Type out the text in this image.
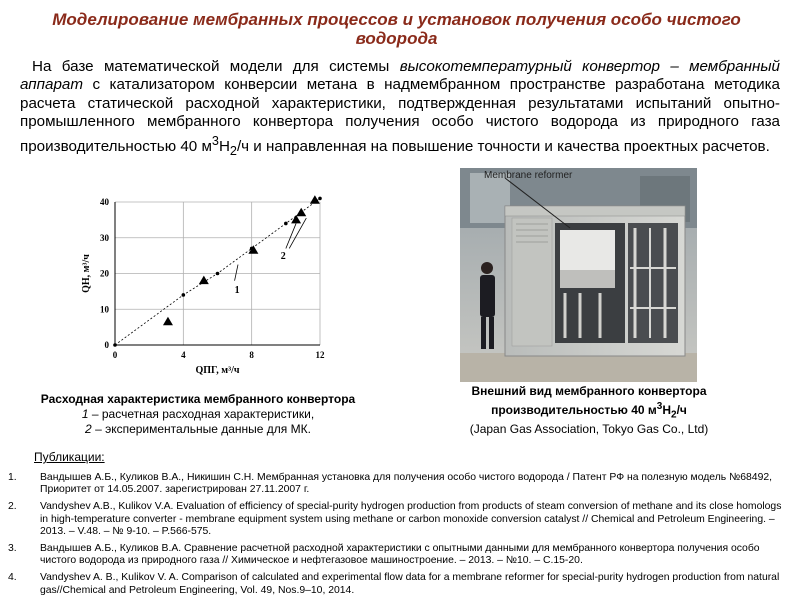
Моделирование мембранных процессов и установок получения особо чистого водорода

На базе математической модели для системы высокотемпературный конвертор – мембранный аппарат с катализатором конверсии метана в надмембранном пространстве разработана методика расчета статической расходной характеристики, подтвержденная результатами испытаний опытно-промышленного мембранного конвертора получения особо чистого водорода из природного газа производительностью 40 $м^3Н_2/ч$ и направленная на повышение точности и качества проектных расчетов.

0	4	8	12
0
10
20
30
40
QПГ, м³/ч
QН, м³/ч	1
2
Расходная характеристика мембранного конвертора
1 – расчетная расходная характеристики,
2 – экспериментальные данные для МК.
Membrane reformer
Внешний вид мембранного конвертора
производительностью 40 $м^3Н_2/ч$
(Japan Gas Association, Tokyo Gas Co., Ltd)
Публикации:
1.	Вандышев А.Б., Куликов В.А., Никишин С.Н. Мембранная установка для получения особо чистого водорода / Патент РФ на полезную модель №68492, Приоритет от 14.05.2007. зарегистрирован 27.11.2007 г.
2.	Vandyshev A.B., Kulikov V.A. Evaluation of efficiency of special-purity hydrogen production from products of steam conversion of methane and its close homologs in high-temperature converter - membrane equipment system using methane or carbon monoxide conversion catalyst // Chemical and Petroleum Engineering. – 2013. – V.48. – № 9-10. – P.566-575.
3.	Вандышев А.Б., Куликов В.А. Сравнение расчетной расходной характеристики с опытными данными для мембранного конвертора получения особо чистого водорода из природного газа // Химическое и нефтегазовое машиностроение. – 2013. – №10. – С.15-20.
4.	Vandyshev A. B., Kulikov V. A. Comparison of calculated and experimental flow data for a membrane reformer for special-purity hydrogen production from natural gas//Chemical and Petroleum Engineering, Vol. 49, Nos.9–10, 2014.
